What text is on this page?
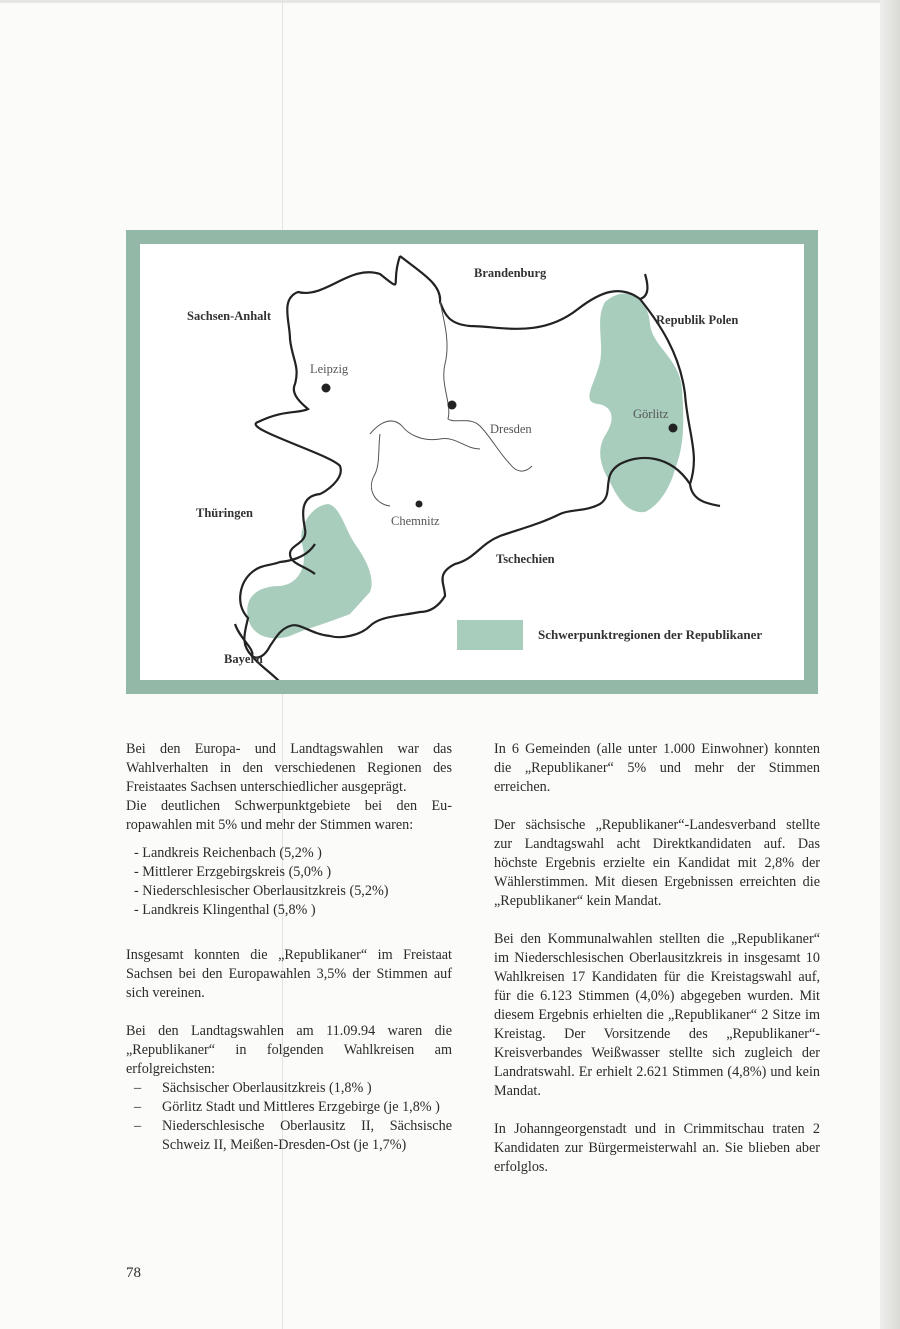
Brandenburg
Sachsen-Anhalt	Republik Polen
Leipzig
Dresden
Görlitz
Thüringen
Chemnitz
Tschechien
Bayern
Schwerpunktregionen der Republikaner

Bei den Europa- und Landtagswahlen war das Wahlverhalten in den verschiedenen Regionen des Freistaates Sachsen unterschiedlicher ausgeprägt.

Die deutlichen Schwerpunktgebiete bei den Europawahlen mit 5% und mehr der Stimmen waren:

- Landkreis Reichenbach (5,2% )
- Mittlerer Erzgebirgskreis (5,0% )
- Niederschlesischer Oberlausitzkreis (5,2%)
- Landkreis Klingenthal (5,8% )

Insgesamt konnten die „Republikaner“ im Freistaat Sachsen bei den Europawahlen 3,5% der Stimmen auf sich vereinen.

Bei den Landtagswahlen am 11.09.94 waren die „Republikaner“ in folgenden Wahlkreisen am erfolgreichsten:

–	Sächsischer Oberlausitzkreis (1,8% )
–	Görlitz Stadt und Mittleres Erzgebirge (je 1,8% )
–	Niederschlesische Oberlausitz II, Sächsische Schweiz II, Meißen-Dresden-Ost (je 1,7%)

In 6 Gemeinden (alle unter 1.000 Einwohner) konnten die „Republikaner“ 5% und mehr der Stimmen erreichen.

Der sächsische „Republikaner“-Landesverband stellte zur Landtagswahl acht Direktkandidaten auf. Das höchste Ergebnis erzielte ein Kandidat mit 2,8% der Wählerstimmen. Mit diesen Ergebnissen erreichten die „Republikaner“ kein Mandat.

Bei den Kommunalwahlen stellten die „Republikaner“ im Niederschlesischen Oberlausitzkreis in insgesamt 10 Wahlkreisen 17 Kandidaten für die Kreistagswahl auf, für die 6.123 Stimmen (4,0%) abgegeben wurden. Mit diesem Ergebnis erhielten die „Republikaner“ 2 Sitze im Kreistag. Der Vorsitzende des „Republikaner“-Kreisverbandes Weißwasser stellte sich zugleich der Landratswahl. Er erhielt 2.621 Stimmen (4,8%) und kein Mandat.

In Johanngeorgenstadt und in Crimmitschau traten 2 Kandidaten zur Bürgermeisterwahl an. Sie blieben aber erfolglos.

78
